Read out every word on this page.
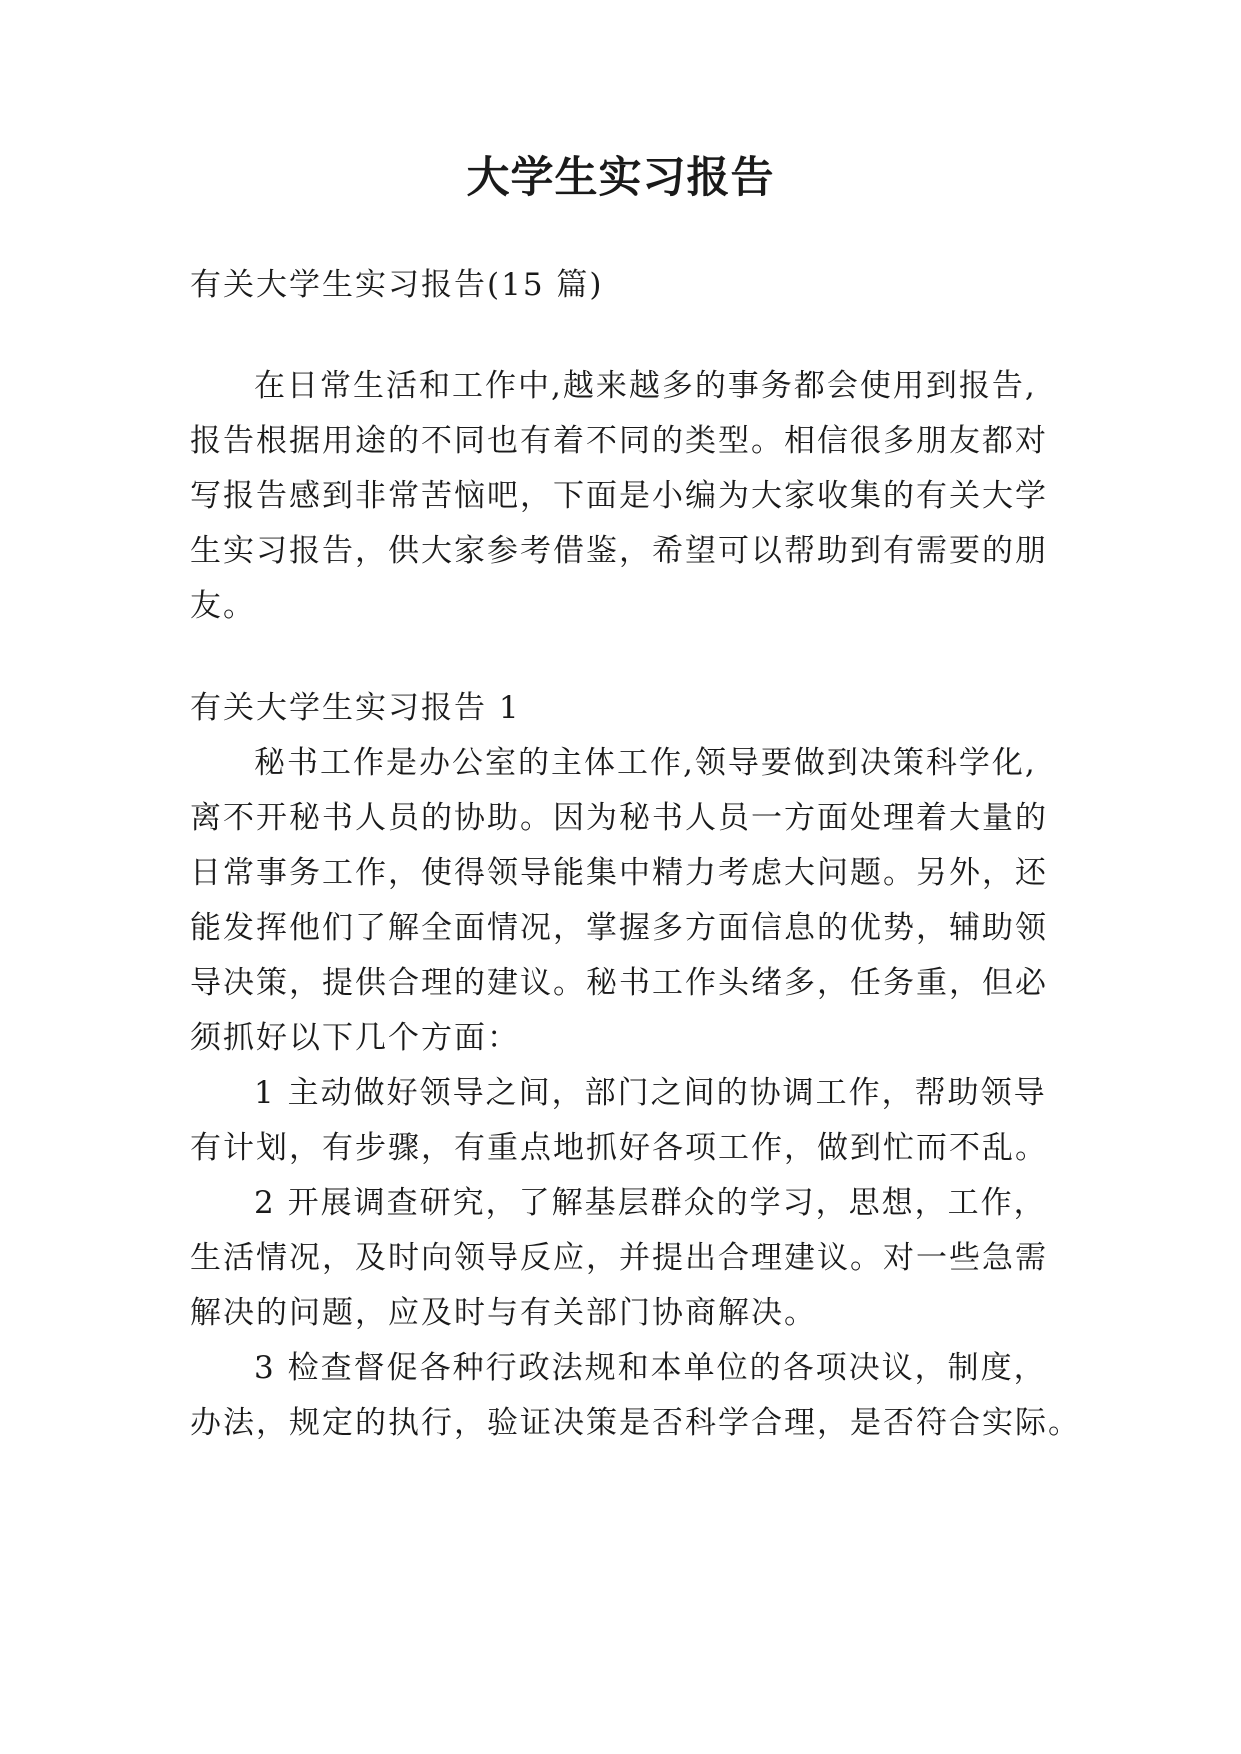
大学生实习报告
有关大学生实习报告(15 篇)
在日常生活和工作中,越来越多的事务都会使用到报告,
报告根据用途的不同也有着不同的类型。相信很多朋友都对
写报告感到非常苦恼吧，下面是小编为大家收集的有关大学
生实习报告，供大家参考借鉴，希望可以帮助到有需要的朋
友。
有关大学生实习报告 1
秘书工作是办公室的主体工作,领导要做到决策科学化,
离不开秘书人员的协助。因为秘书人员一方面处理着大量的
日常事务工作，使得领导能集中精力考虑大问题。另外，还
能发挥他们了解全面情况，掌握多方面信息的优势，辅助领
导决策，提供合理的建议。秘书工作头绪多，任务重，但必
须抓好以下几个方面：
1 主动做好领导之间，部门之间的协调工作，帮助领导
有计划，有步骤，有重点地抓好各项工作，做到忙而不乱。
2 开展调查研究，了解基层群众的学习，思想，工作，
生活情况，及时向领导反应，并提出合理建议。对一些急需
解决的问题，应及时与有关部门协商解决。
3 检查督促各种行政法规和本单位的各项决议，制度，
办法，规定的执行，验证决策是否科学合理，是否符合实际。
